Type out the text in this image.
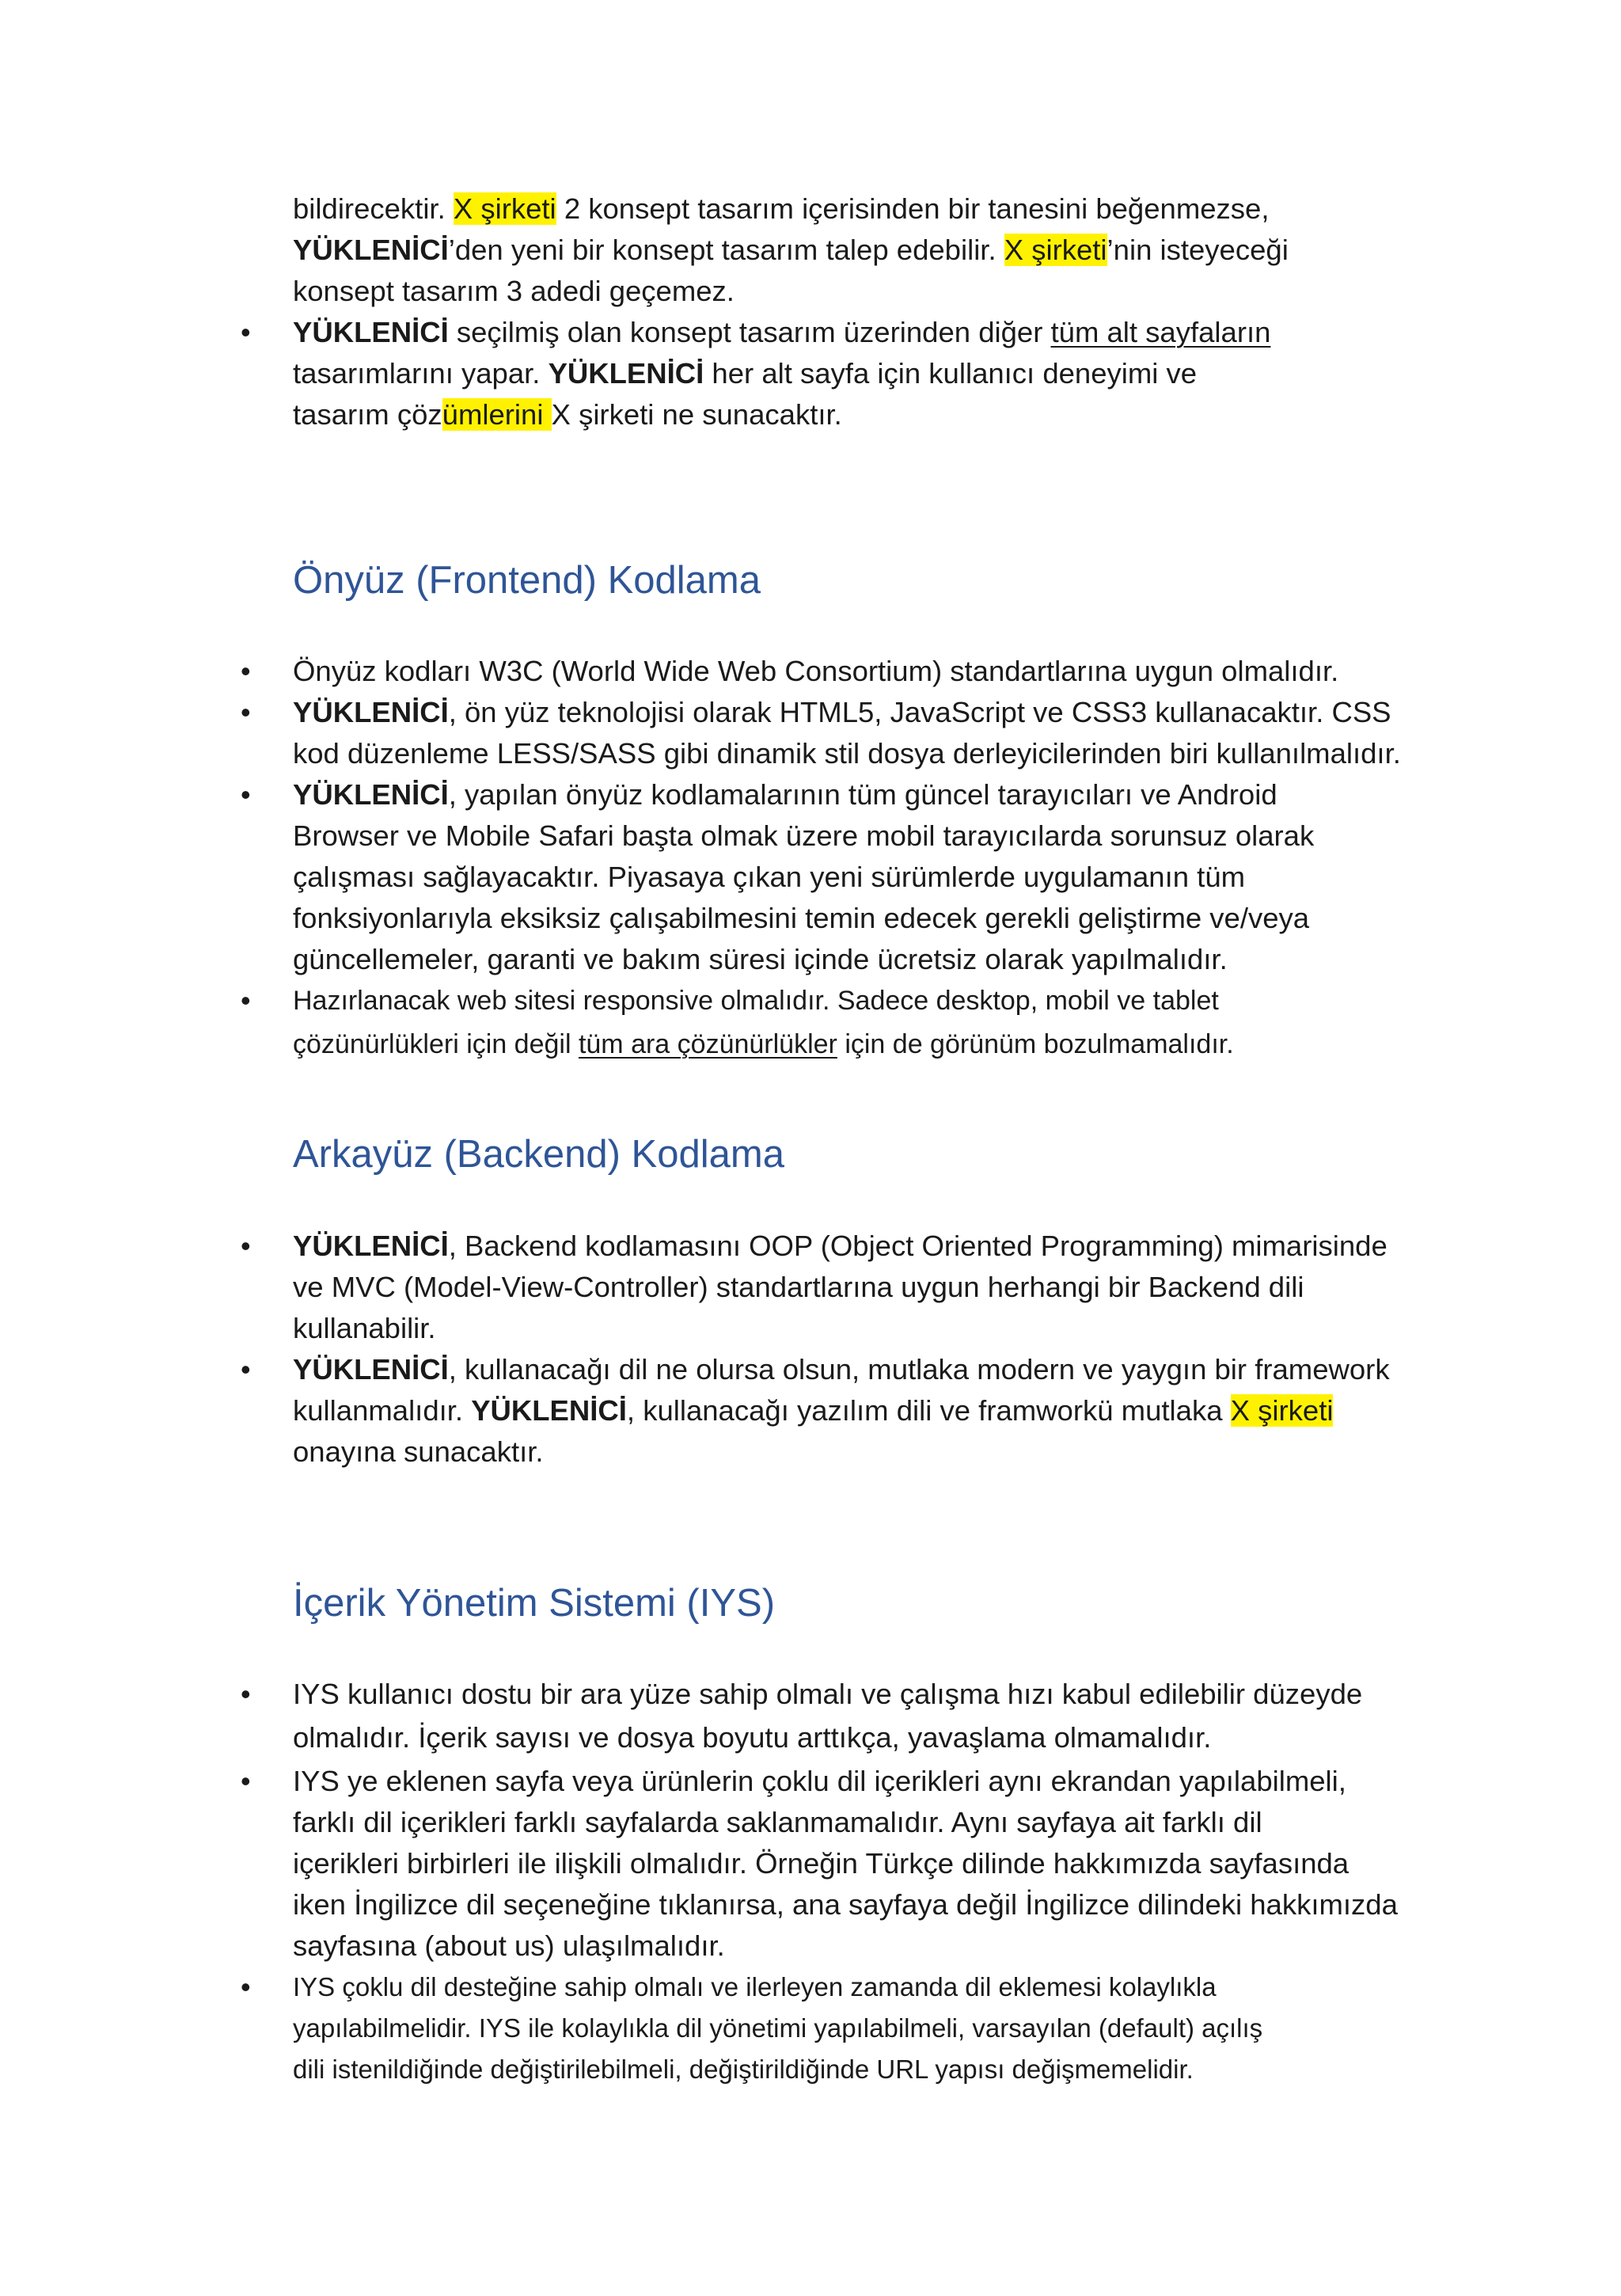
bildirecektir. X şirketi 2 konsept tasarım içerisinden bir tanesini beğenmezse,

YÜKLENİCİ’den yeni bir konsept tasarım talep edebilir. X şirketi’nin isteyeceği

konsept tasarım 3 adedi geçemez.

• YÜKLENİCİ seçilmiş olan konsept tasarım üzerinden diğer tüm alt sayfaların

tasarımlarını yapar. YÜKLENİCİ her alt sayfa için kullanıcı deneyimi ve

tasarım çözümlerini X şirketi ne sunacaktır.

Önyüz (Frontend) Kodlama
• Önyüz kodları W3C (World Wide Web Consortium) standartlarına uygun olmalıdır.

• YÜKLENİCİ, ön yüz teknolojisi olarak HTML5, JavaScript ve CSS3 kullanacaktır. CSS

kod düzenleme LESS/SASS gibi dinamik stil dosya derleyicilerinden biri kullanılmalıdır.

• YÜKLENİCİ, yapılan önyüz kodlamalarının tüm güncel tarayıcıları ve Android

Browser ve Mobile Safari başta olmak üzere mobil tarayıcılarda sorunsuz olarak

çalışması sağlayacaktır. Piyasaya çıkan yeni sürümlerde uygulamanın tüm

fonksiyonlarıyla eksiksiz çalışabilmesini temin edecek gerekli geliştirme ve/veya

güncellemeler, garanti ve bakım süresi içinde ücretsiz olarak yapılmalıdır.

• Hazırlanacak web sitesi responsive olmalıdır. Sadece desktop, mobil ve tablet

çözünürlükleri için değil tüm ara çözünürlükler için de görünüm bozulmamalıdır.

Arkayüz (Backend) Kodlama
• YÜKLENİCİ, Backend kodlamasını OOP (Object Oriented Programming) mimarisinde

ve MVC (Model-View-Controller) standartlarına uygun herhangi bir Backend dili

kullanabilir.

• YÜKLENİCİ, kullanacağı dil ne olursa olsun, mutlaka modern ve yaygın bir framework

kullanmalıdır. YÜKLENİCİ, kullanacağı yazılım dili ve framworkü mutlaka X şirketi

onayına sunacaktır.

İçerik Yönetim Sistemi (IYS)
• IYS kullanıcı dostu bir ara yüze sahip olmalı ve çalışma hızı kabul edilebilir düzeyde

olmalıdır. İçerik sayısı ve dosya boyutu arttıkça, yavaşlama olmamalıdır.

• IYS ye eklenen sayfa veya ürünlerin çoklu dil içerikleri aynı ekrandan yapılabilmeli,

farklı dil içerikleri farklı sayfalarda saklanmamalıdır. Aynı sayfaya ait farklı dil

içerikleri birbirleri ile ilişkili olmalıdır. Örneğin Türkçe dilinde hakkımızda sayfasında

iken İngilizce dil seçeneğine tıklanırsa, ana sayfaya değil İngilizce dilindeki hakkımızda

sayfasına (about us) ulaşılmalıdır.

• IYS çoklu dil desteğine sahip olmalı ve ilerleyen zamanda dil eklemesi kolaylıkla

yapılabilmelidir. IYS ile kolaylıkla dil yönetimi yapılabilmeli, varsayılan (default) açılış

dili istenildiğinde değiştirilebilmeli, değiştirildiğinde URL yapısı değişmemelidir.
